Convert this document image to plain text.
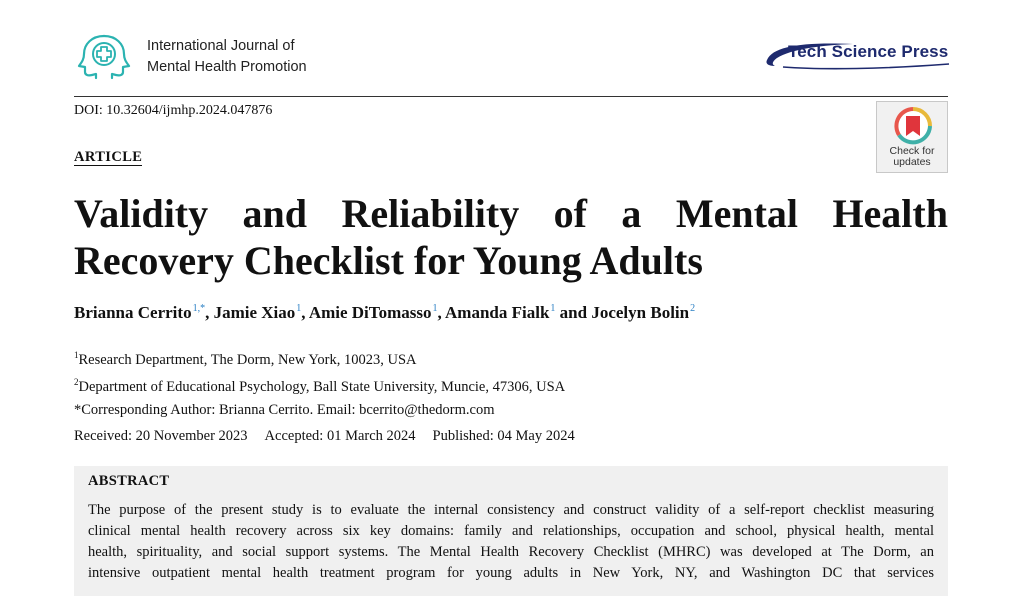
International Journal of
Mental Health Promotion
Tech Science Press
DOI: 10.32604/ijmhp.2024.047876
Check for
updates
ARTICLE
Validity and Reliability of a Mental Health
Recovery Checklist for Young Adults
Brianna Cerrito$^{1,*}$, Jamie Xiao$^1$, Amie DiTomasso$^1$, Amanda Fialk$^1$ and Jocelyn Bolin$^2$
$^1$Research Department, The Dorm, New York, 10023, USA
$^2$Department of Educational Psychology, Ball State University, Muncie, 47306, USA
*Corresponding Author: Brianna Cerrito. Email: bcerrito@thedorm.com
Received: 20 November 2023 Accepted: 01 March 2024 Published: 04 May 2024
ABSTRACT

The purpose of the present study is to evaluate the internal consistency and construct validity of a self-report checklist measuring
clinical mental health recovery across six key domains: family and relationships, occupation and school, physical health, mental
health, spirituality, and social support systems. The Mental Health Recovery Checklist (MHRC) was developed at The Dorm, an
intensive outpatient mental health treatment program for young adults in New York, NY, and Washington DC that services
